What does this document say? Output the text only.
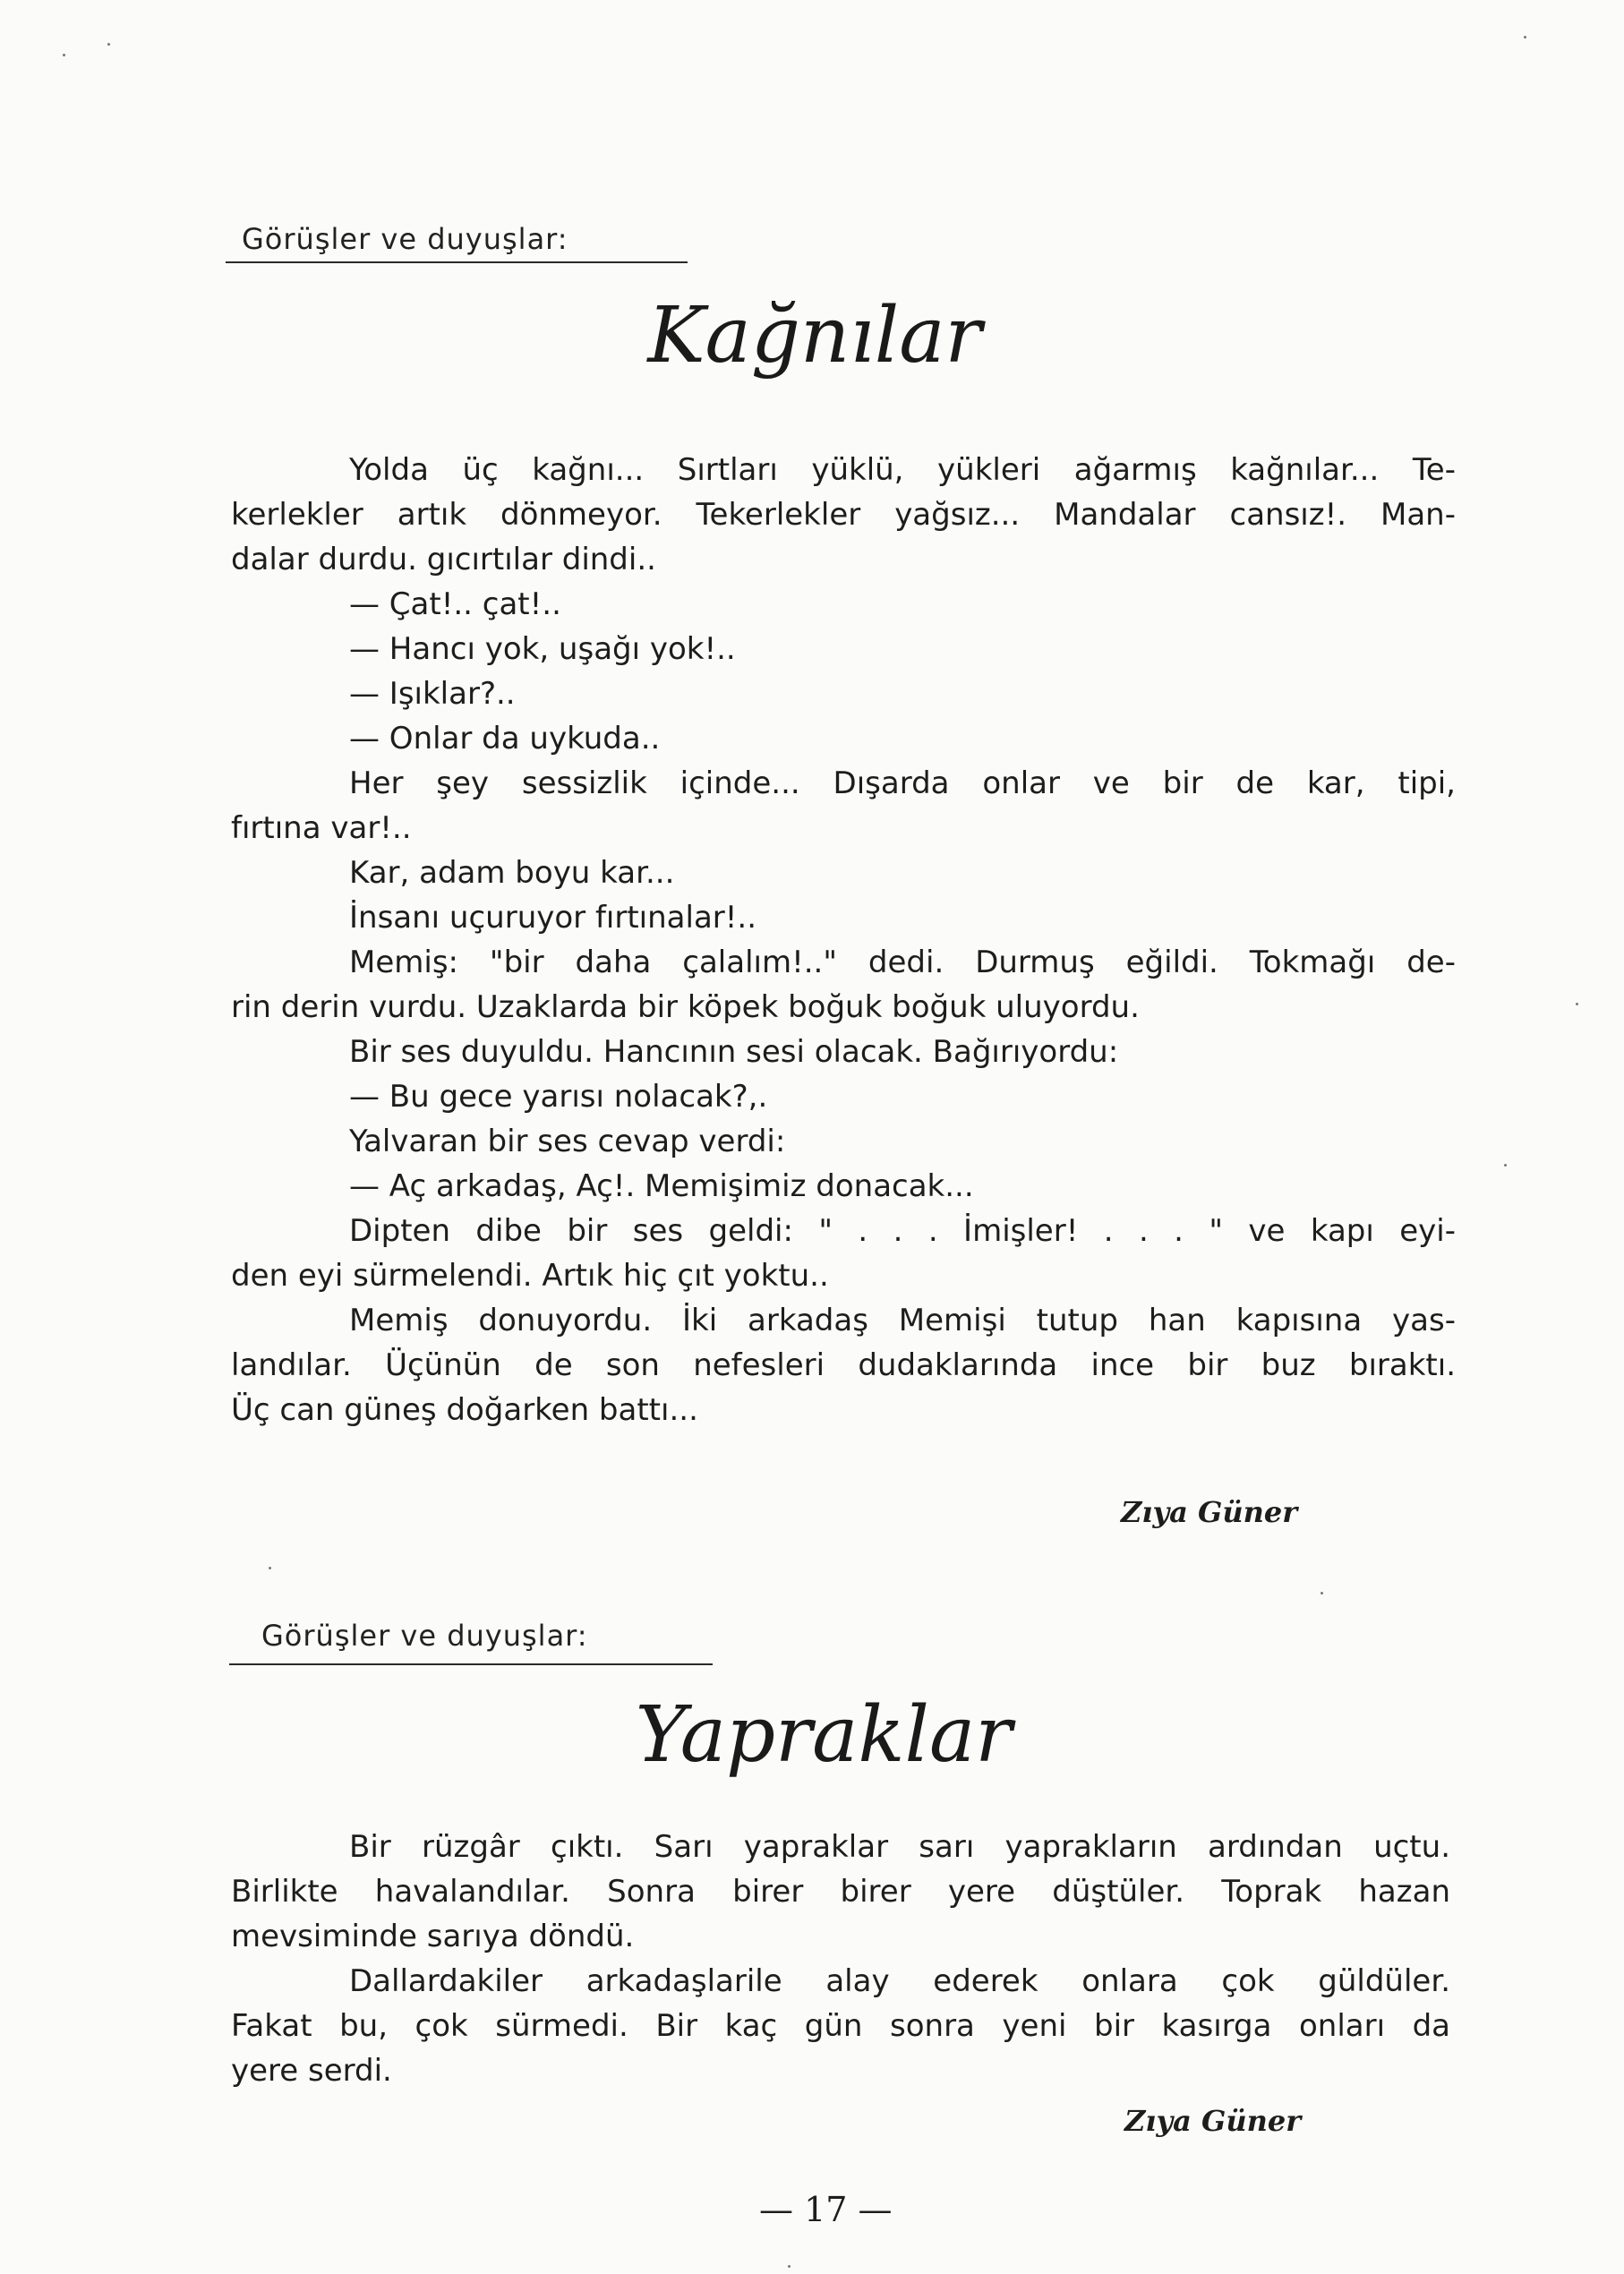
Görüşler ve duyuşlar:
Kağnılar
Yolda üç kağnı... Sırtları yüklü, yükleri ağarmış kağnılar... Te-
kerlekler artık dönmeyor. Tekerlekler yağsız... Mandalar cansız!. Man-
dalar durdu. gıcırtılar dindi..
— Çat!.. çat!..
— Hancı yok, uşağı yok!..
— Işıklar?..
— Onlar da uykuda..
Her şey sessizlik içinde... Dışarda onlar ve bir de kar, tipi,
fırtına var!..
Kar, adam boyu kar...
İnsanı uçuruyor fırtınalar!..
Memiş: "bir daha çalalım!.." dedi. Durmuş eğildi. Tokmağı de-
rin derin vurdu. Uzaklarda bir köpek boğuk boğuk uluyordu.
Bir ses duyuldu. Hancının sesi olacak. Bağırıyordu:
— Bu gece yarısı nolacak?,.
Yalvaran bir ses cevap verdi:
— Aç arkadaş, Aç!. Memişimiz donacak...
Dipten dibe bir ses geldi: " . . . İmişler! . . . " ve kapı eyi-
den eyi sürmelendi. Artık hiç çıt yoktu..
Memiş donuyordu. İki arkadaş Memişi tutup han kapısına yas-
landılar. Üçünün de son nefesleri dudaklarında ince bir buz bıraktı.
Üç can güneş doğarken battı...
Zıya Güner
Görüşler ve duyuşlar:
Yapraklar
Bir rüzgâr çıktı. Sarı yapraklar sarı yaprakların ardından uçtu.
Birlikte havalandılar. Sonra birer birer yere düştüler. Toprak hazan
mevsiminde sarıya döndü.
Dallardakiler arkadaşlarile alay ederek onlara çok güldüler.
Fakat bu, çok sürmedi. Bir kaç gün sonra yeni bir kasırga onları da
yere serdi.
Zıya Güner
— 17 —
